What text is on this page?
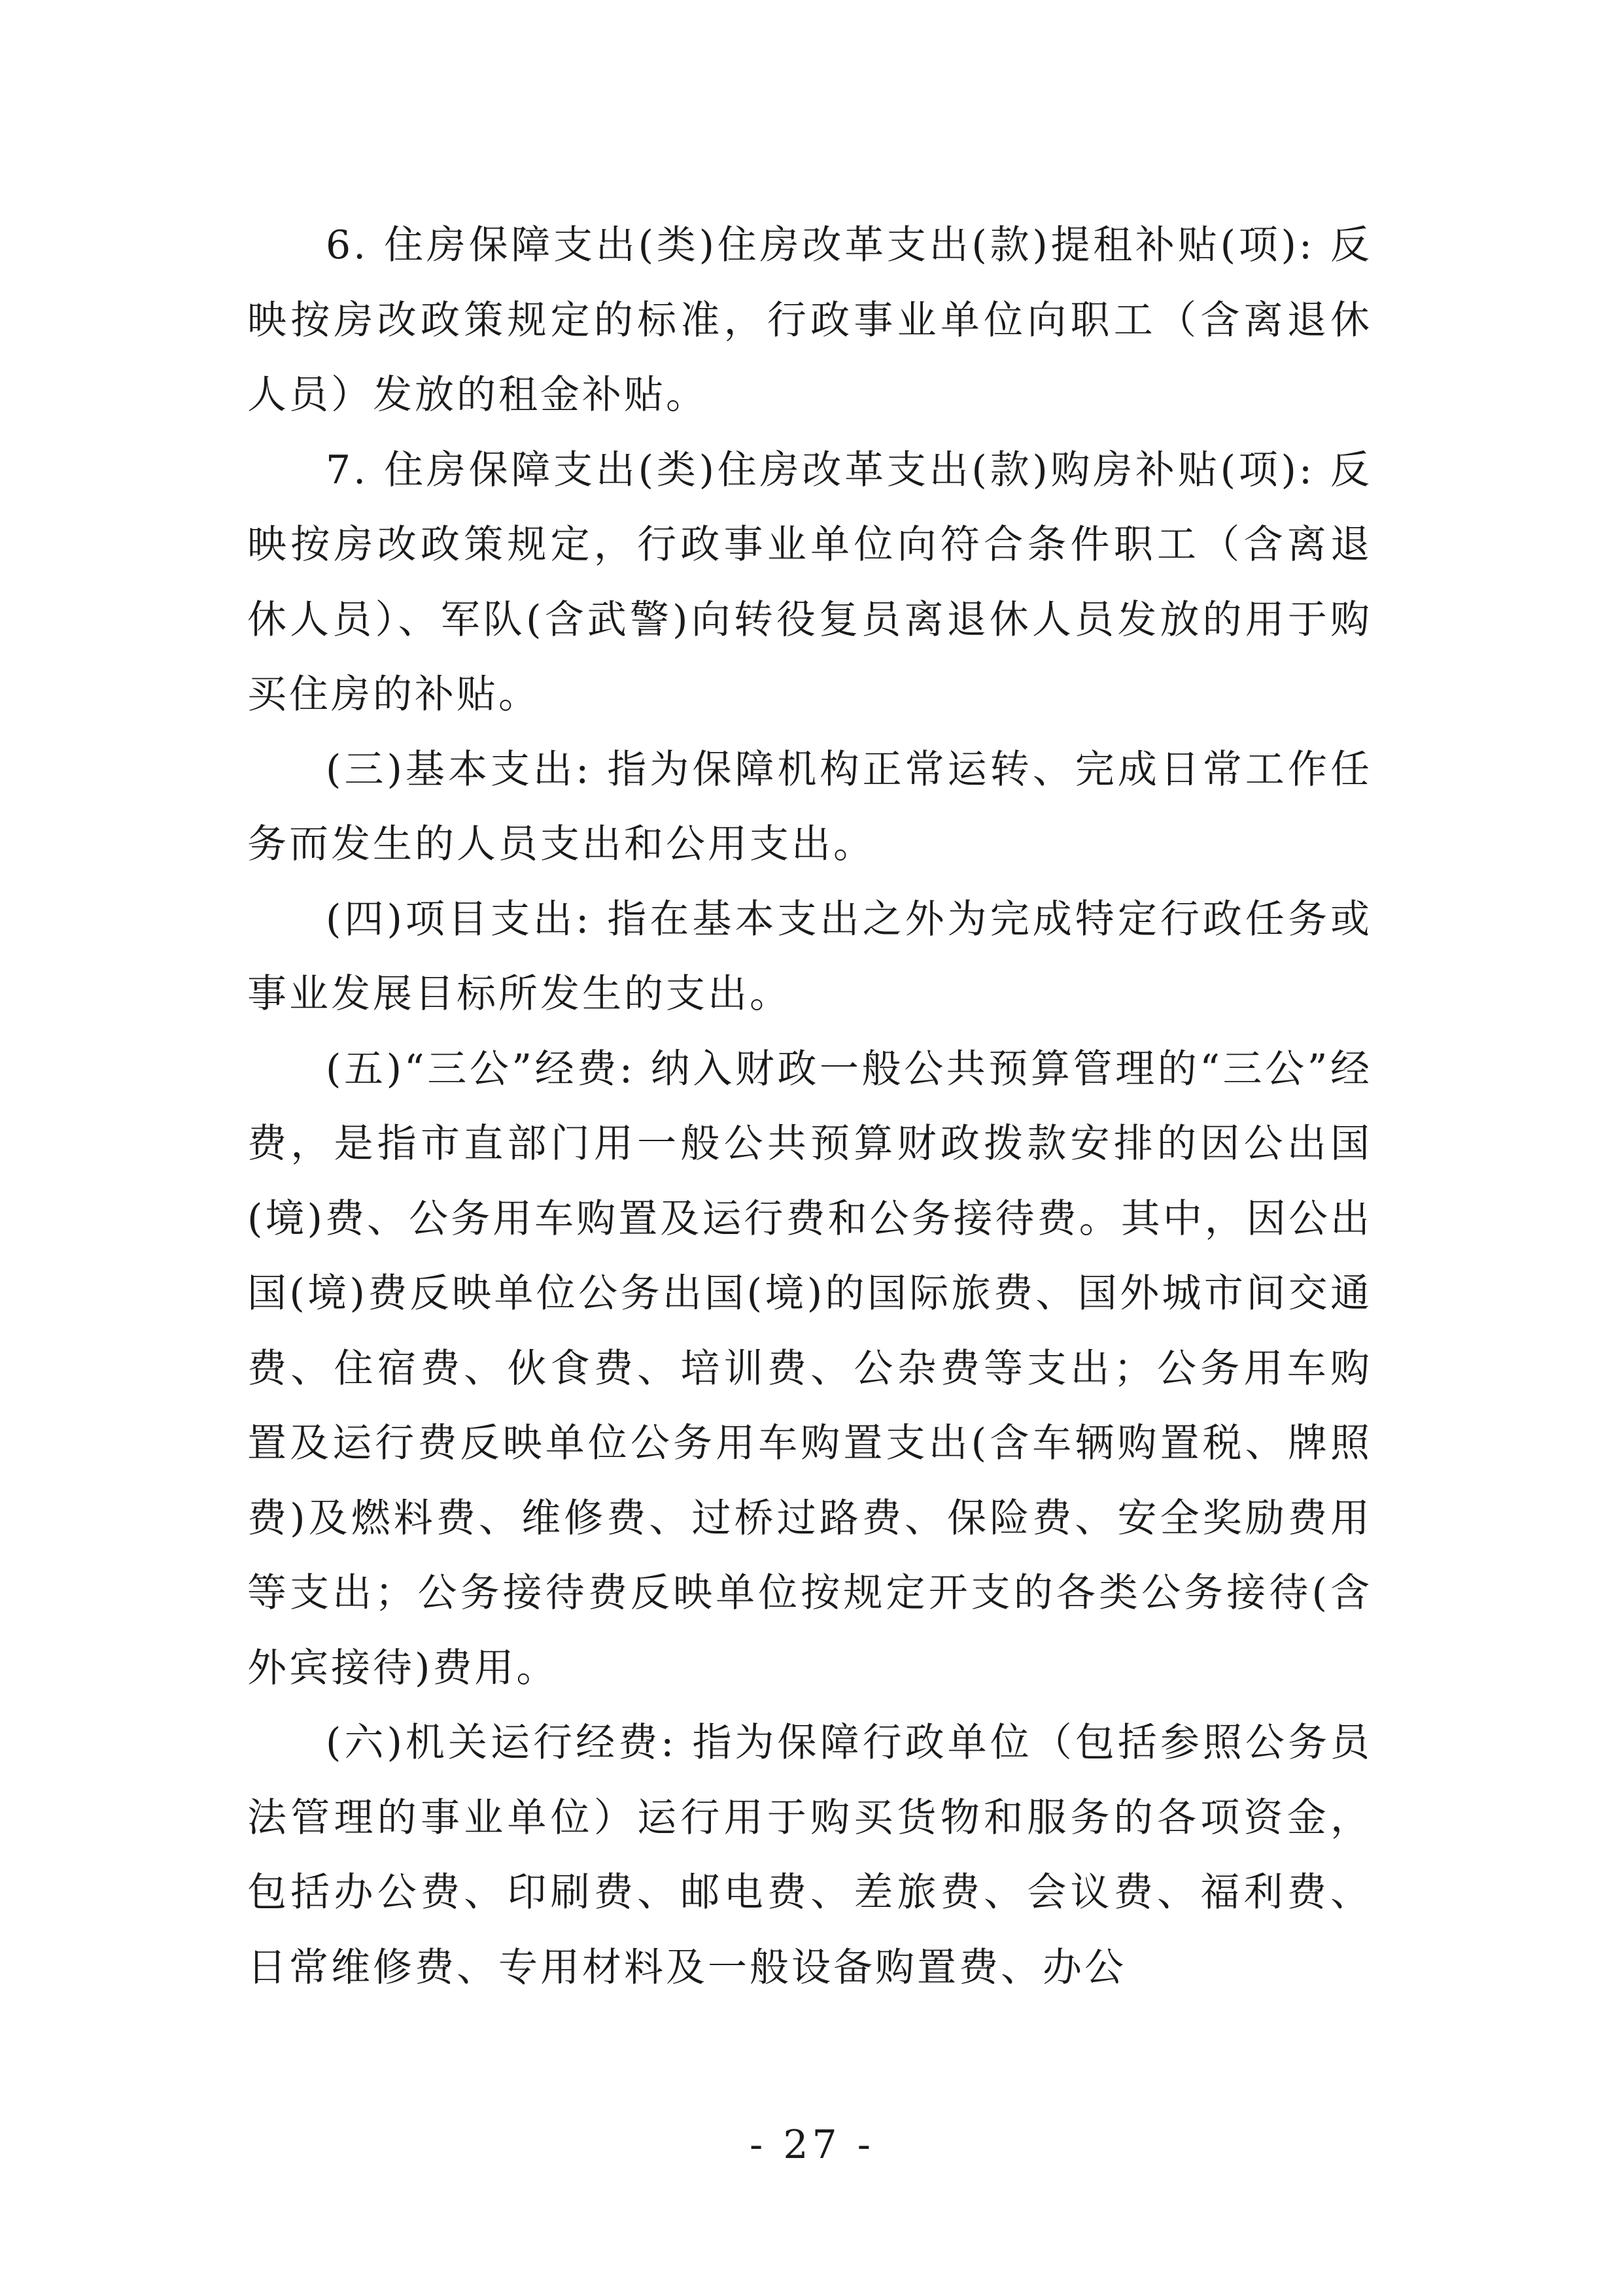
6. 住房保障支出(类)住房改革支出(款)提租补贴(项): 反映按房改政策规定的标准，行政事业单位向职工（含离退休人员）发放的租金补贴。

7. 住房保障支出(类)住房改革支出(款)购房补贴(项): 反映按房改政策规定，行政事业单位向符合条件职工（含离退休人员）、军队(含武警)向转役复员离退休人员发放的用于购买住房的补贴。

(三)基本支出: 指为保障机构正常运转、完成日常工作任务而发生的人员支出和公用支出。

(四)项目支出: 指在基本支出之外为完成特定行政任务或事业发展目标所发生的支出。

(五)“三公”经费: 纳入财政一般公共预算管理的“三公”经费，是指市直部门用一般公共预算财政拨款安排的因公出国(境)费、公务用车购置及运行费和公务接待费。其中，因公出国(境)费反映单位公务出国(境)的国际旅费、国外城市间交通费、住宿费、伙食费、培训费、公杂费等支出；公务用车购置及运行费反映单位公务用车购置支出(含车辆购置税、牌照费)及燃料费、维修费、过桥过路费、保险费、安全奖励费用等支出；公务接待费反映单位按规定开支的各类公务接待(含外宾接待)费用。

(六)机关运行经费: 指为保障行政单位（包括参照公务员法管理的事业单位）运行用于购买货物和服务的各项资金，包括办公费、印刷费、邮电费、差旅费、会议费、福利费、日常维修费、专用材料及一般设备购置费、办公

- 27 -
